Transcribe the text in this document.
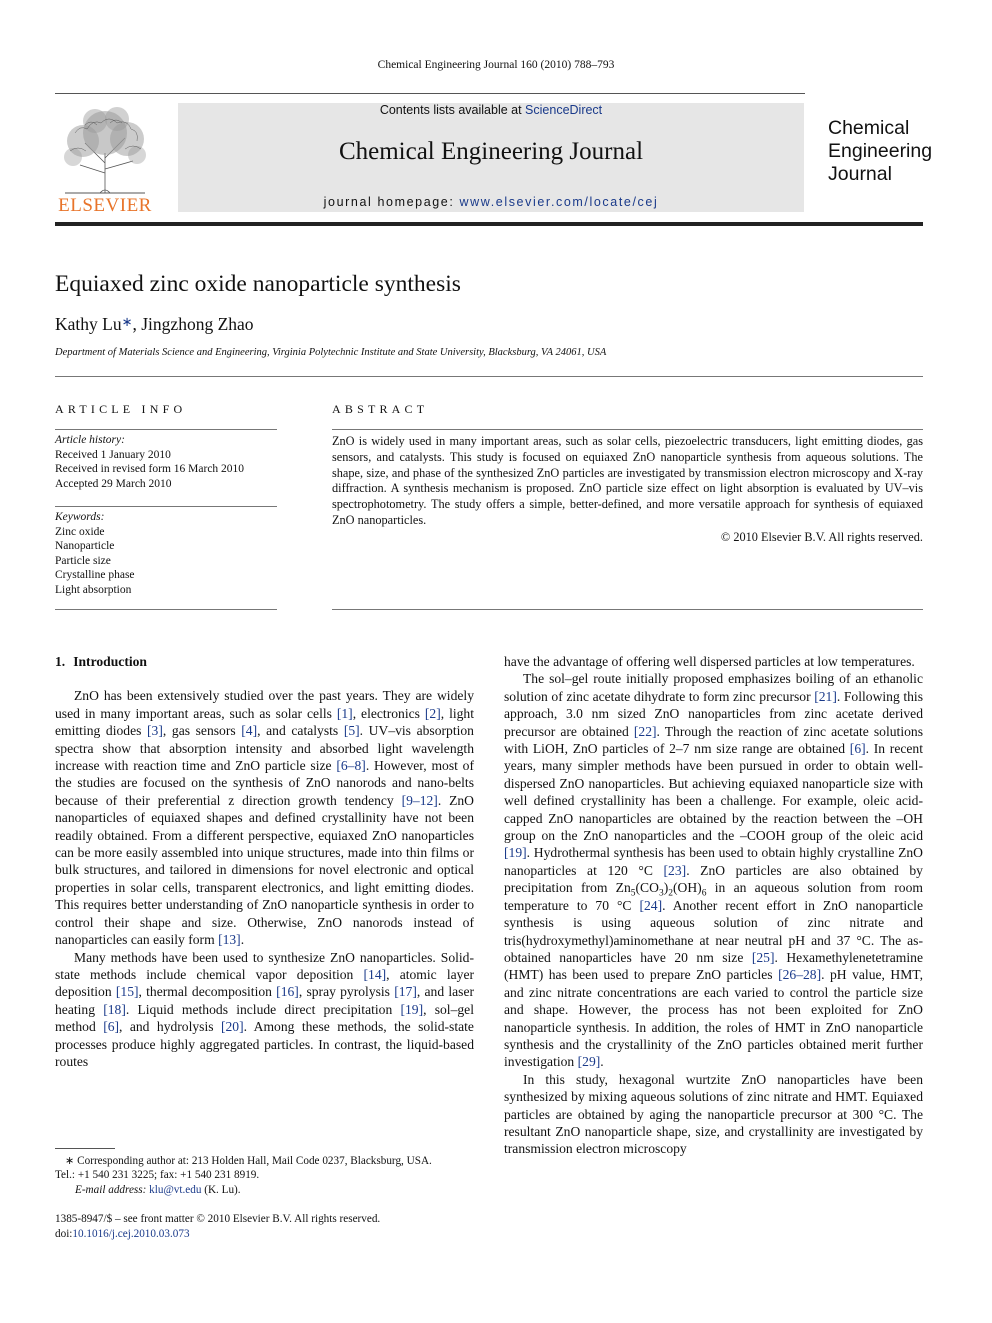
Chemical Engineering Journal 160 (2010) 788–793
ELSEVIER
Contents lists available at ScienceDirect
Chemical Engineering Journal
journal homepage: www.elsevier.com/locate/cej
Chemical
Engineering
Journal
Equiaxed zinc oxide nanoparticle synthesis
Kathy Lu∗, Jingzhong Zhao
Department of Materials Science and Engineering, Virginia Polytechnic Institute and State University, Blacksburg, VA 24061, USA
ARTICLE INFO	ABSTRACT
Article history:
Received 1 January 2010
Received in revised form 16 March 2010
Accepted 29 March 2010
Keywords:
Zinc oxide
Nanoparticle
Particle size
Crystalline phase
Light absorption
ZnO is widely used in many important areas, such as solar cells, piezoelectric transducers, light emitting diodes, gas sensors, and catalysts. This study is focused on equiaxed ZnO nanoparticle synthesis from aqueous solutions. The shape, size, and phase of the synthesized ZnO particles are investigated by transmission electron microscopy and X-ray diffraction. A synthesis mechanism is proposed. ZnO particle size effect on light absorption is evaluated by UV–vis spectrophotometry. The study offers a simple, better-defined, and more versatile approach for synthesis of equiaxed ZnO nanoparticles.
© 2010 Elsevier B.V. All rights reserved.
1. Introduction

ZnO has been extensively studied over the past years. They are widely used in many important areas, such as solar cells [1], electronics [2], light emitting diodes [3], gas sensors [4], and catalysts [5]. UV–vis absorption spectra show that absorption intensity and absorbed light wavelength increase with reaction time and ZnO particle size [6–8]. However, most of the studies are focused on the synthesis of ZnO nanorods and nano-belts because of their preferential z direction growth tendency [9–12]. ZnO nanoparticles of equiaxed shapes and defined crystallinity have not been readily obtained. From a different perspective, equiaxed ZnO nanoparticles can be more easily assembled into unique structures, made into thin films or bulk structures, and tailored in dimensions for novel electronic and optical properties in solar cells, transparent electronics, and light emitting diodes. This requires better understanding of ZnO nanoparticle synthesis in order to control their shape and size. Otherwise, ZnO nanorods instead of nanoparticles can easily form [13].

Many methods have been used to synthesize ZnO nanoparticles. Solid-state methods include chemical vapor deposition [14], atomic layer deposition [15], thermal decomposition [16], spray pyrolysis [17], and laser heating [18]. Liquid methods include direct precipitation [19], sol–gel method [6], and hydrolysis [20]. Among these methods, the solid-state processes produce highly aggregated particles. In contrast, the liquid-based routes

have the advantage of offering well dispersed particles at low temperatures.

The sol–gel route initially proposed emphasizes boiling of an ethanolic solution of zinc acetate dihydrate to form zinc precursor [21]. Following this approach, 3.0 nm sized ZnO nanoparticles from zinc acetate derived precursor are obtained [22]. Through the reaction of zinc acetate solutions with LiOH, ZnO particles of 2–7 nm size range are obtained [6]. In recent years, many simpler methods have been pursued in order to obtain well-dispersed ZnO nanoparticles. But achieving equiaxed nanoparticle size with well defined crystallinity has been a challenge. For example, oleic acid-capped ZnO nanoparticles are obtained by the reaction between the –OH group on the ZnO nanoparticles and the –COOH group of the oleic acid [19]. Hydrothermal synthesis has been used to obtain highly crystalline ZnO nanoparticles at 120 °C [23]. ZnO particles are also obtained by precipitation from $Zn_5(CO_3)_2(OH)_6$ in an aqueous solution from room temperature to 70 °C [24]. Another recent effort in ZnO nanoparticle synthesis is using aqueous solution of zinc nitrate and tris(hydroxymethyl)aminomethane at near neutral pH and 37 °C. The as-obtained nanoparticles have 20 nm size [25]. Hexamethylenetetramine (HMT) has been used to prepare ZnO particles [26–28]. pH value, HMT, and zinc nitrate concentrations are each varied to control the particle size and shape. However, the process has not been exploited for ZnO nanoparticle synthesis. In addition, the roles of HMT in ZnO nanoparticle synthesis and the crystallinity of the ZnO particles obtained merit further investigation [29].

In this study, hexagonal wurtzite ZnO nanoparticles have been synthesized by mixing aqueous solutions of zinc nitrate and HMT. Equiaxed particles are obtained by aging the nanoparticle precursor at 300 °C. The resultant ZnO nanoparticle shape, size, and crystallinity are investigated by transmission electron microscopy

∗ Corresponding author at: 213 Holden Hall, Mail Code 0237, Blacksburg, USA.
Tel.: +1 540 231 3225; fax: +1 540 231 8919.
E-mail address: klu@vt.edu (K. Lu).
1385-8947/$ – see front matter © 2010 Elsevier B.V. All rights reserved.
doi:10.1016/j.cej.2010.03.073
